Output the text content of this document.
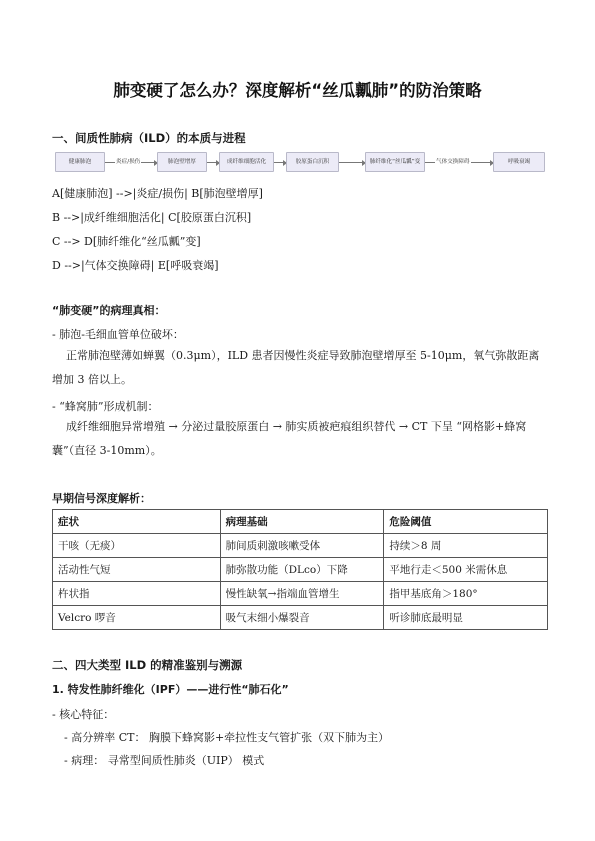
肺变硬了怎么办？深度解析“丝瓜瓤肺”的防治策略
一、间质性肺病（ILD）的本质与进程
健康肺泡	炎症/损伤	肺泡壁增厚	成纤维细胞活化	胶原蛋白沉积	肺纤维化“丝瓜瓤”变	气体交换障碍	呼吸衰竭
A[健康肺泡] -->|炎症/损伤| B[肺泡壁增厚]
B -->|成纤维细胞活化| C[胶原蛋白沉积]
C --> D[肺纤维化“丝瓜瓤”变]
D -->|气体交换障碍| E[呼吸衰竭]
“肺变硬”的病理真相：
- 肺泡-毛细血管单位破坏：
正常肺泡壁薄如蝉翼（0.3μm），ILD 患者因慢性炎症导致肺泡壁增厚至 5-10μm，氧气弥散距离增加 3 倍以上。
- “蜂窝肺”形成机制：
成纤维细胞异常增殖 → 分泌过量胶原蛋白 → 肺实质被疤痕组织替代 → CT 下呈 “网格影+蜂窝囊”（直径 3-10mm）。
早期信号深度解析：
症状	病理基础	危险阈值
干咳（无痰）	肺间质刺激咳嗽受体	持续＞8 周
活动性气短	肺弥散功能（DLco）下降	平地行走＜500 米需休息
杵状指	慢性缺氧→指端血管增生	指甲基底角＞180°
Velcro 啰音	吸气末细小爆裂音	听诊肺底最明显
二、四大类型 ILD 的精准鉴别与溯源
1. 特发性肺纤维化（IPF）——进行性“肺石化”
- 核心特征：
- 高分辨率 CT： 胸膜下蜂窝影+牵拉性支气管扩张（双下肺为主）
- 病理： 寻常型间质性肺炎（UIP） 模式
